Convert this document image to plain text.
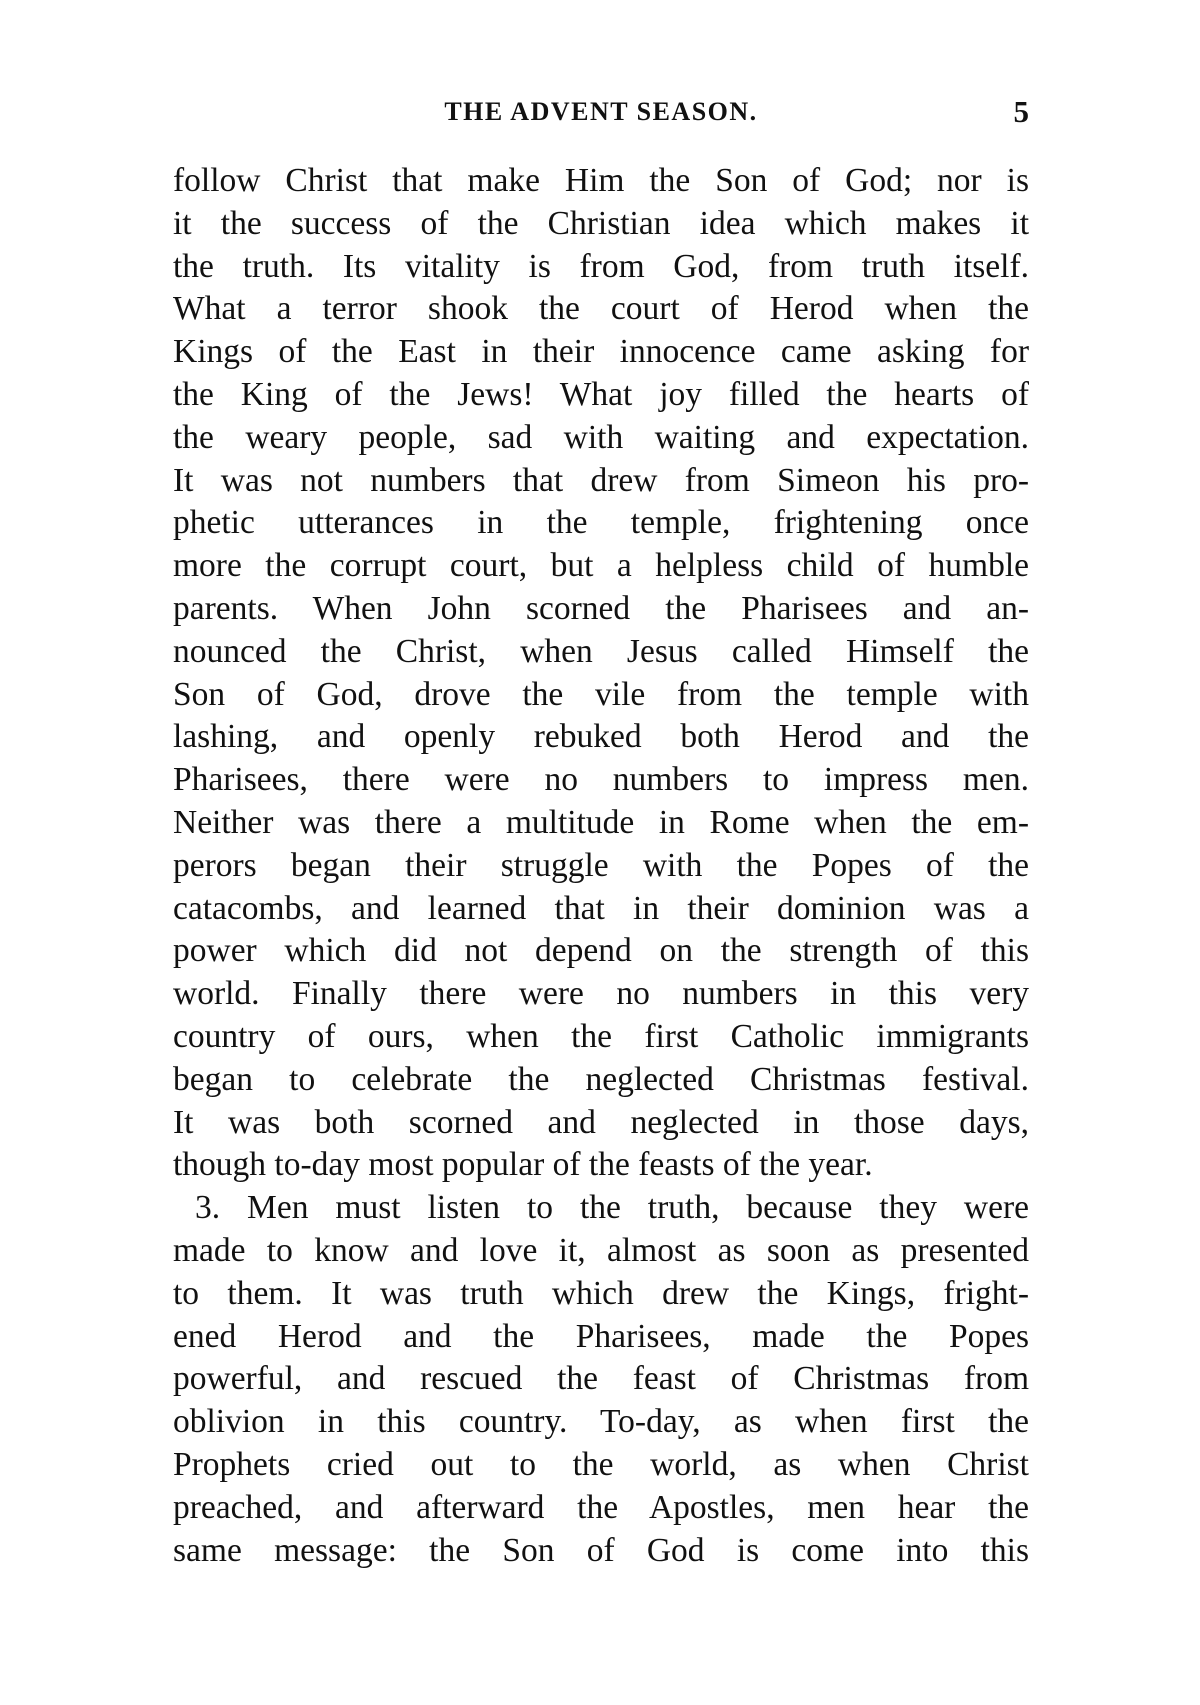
THE ADVENT SEASON.	5
follow Christ that make Him the Son of God; nor is
it the success of the Christian idea which makes it
the truth. Its vitality is from God, from truth itself.
What a terror shook the court of Herod when the
Kings of the East in their innocence came asking for
the King of the Jews! What joy filled the hearts of
the weary people, sad with waiting and expectation.
It was not numbers that drew from Simeon his pro-
phetic utterances in the temple, frightening once
more the corrupt court, but a helpless child of humble
parents. When John scorned the Pharisees and an-
nounced the Christ, when Jesus called Himself the
Son of God, drove the vile from the temple with
lashing, and openly rebuked both Herod and the
Pharisees, there were no numbers to impress men.
Neither was there a multitude in Rome when the em-
perors began their struggle with the Popes of the
catacombs, and learned that in their dominion was a
power which did not depend on the strength of this
world. Finally there were no numbers in this very
country of ours, when the first Catholic immigrants
began to celebrate the neglected Christmas festival.
It was both scorned and neglected in those days,
though to-day most popular of the feasts of the year.
3. Men must listen to the truth, because they were
made to know and love it, almost as soon as presented
to them. It was truth which drew the Kings, fright-
ened Herod and the Pharisees, made the Popes
powerful, and rescued the feast of Christmas from
oblivion in this country. To-day, as when first the
Prophets cried out to the world, as when Christ
preached, and afterward the Apostles, men hear the
same message: the Son of God is come into this
